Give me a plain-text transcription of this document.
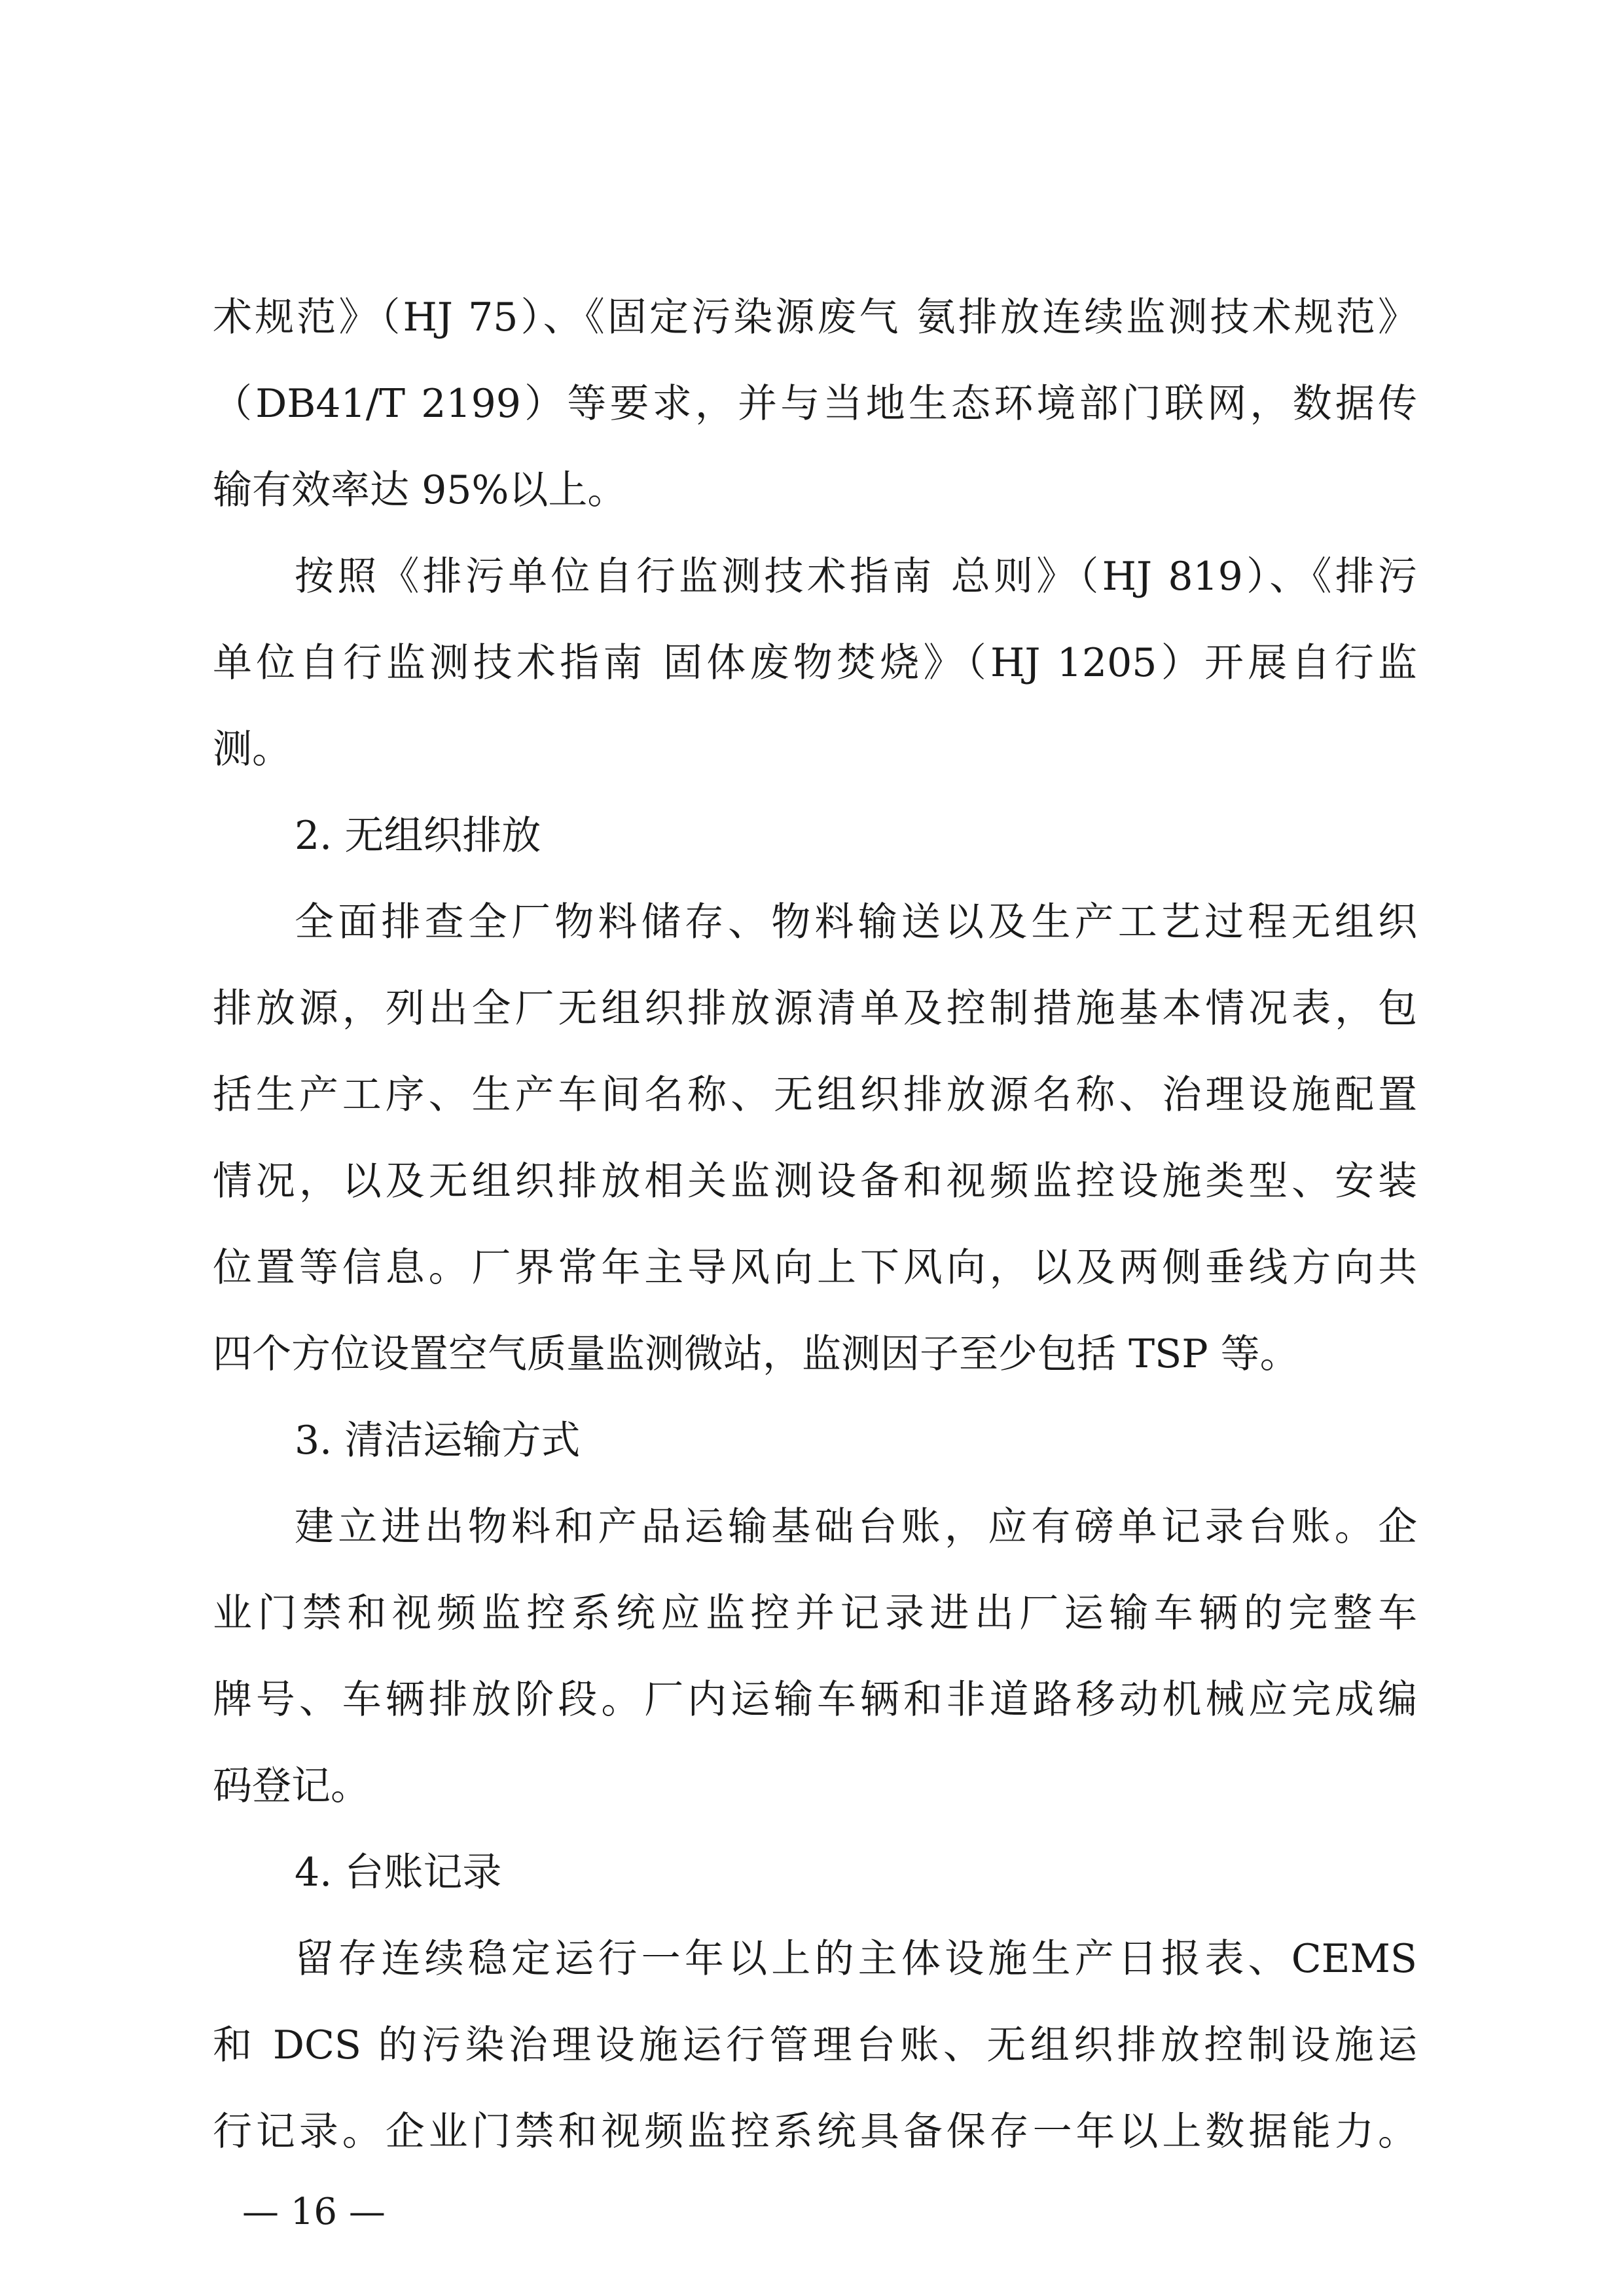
术规范》（HJ 75）、《固定污染源废气 氨排放连续监测技术规范》
（DB41/T 2199）等要求，并与当地生态环境部门联网，数据传
输有效率达 95%以上。
按照《排污单位自行监测技术指南 总则》（HJ 819）、《排污
单位自行监测技术指南 固体废物焚烧》（HJ 1205）开展自行监
测。
2. 无组织排放
全面排查全厂物料储存、物料输送以及生产工艺过程无组织
排放源，列出全厂无组织排放源清单及控制措施基本情况表，包
括生产工序、生产车间名称、无组织排放源名称、治理设施配置
情况，以及无组织排放相关监测设备和视频监控设施类型、安装
位置等信息。厂界常年主导风向上下风向，以及两侧垂线方向共
四个方位设置空气质量监测微站，监测因子至少包括 TSP 等。
3. 清洁运输方式
建立进出物料和产品运输基础台账，应有磅单记录台账。企
业门禁和视频监控系统应监控并记录进出厂运输车辆的完整车
牌号、车辆排放阶段。厂内运输车辆和非道路移动机械应完成编
码登记。
4. 台账记录
留存连续稳定运行一年以上的主体设施生产日报表、CEMS
和 DCS 的污染治理设施运行管理台账、无组织排放控制设施运
行记录。企业门禁和视频监控系统具备保存一年以上数据能力。
— 16 —
